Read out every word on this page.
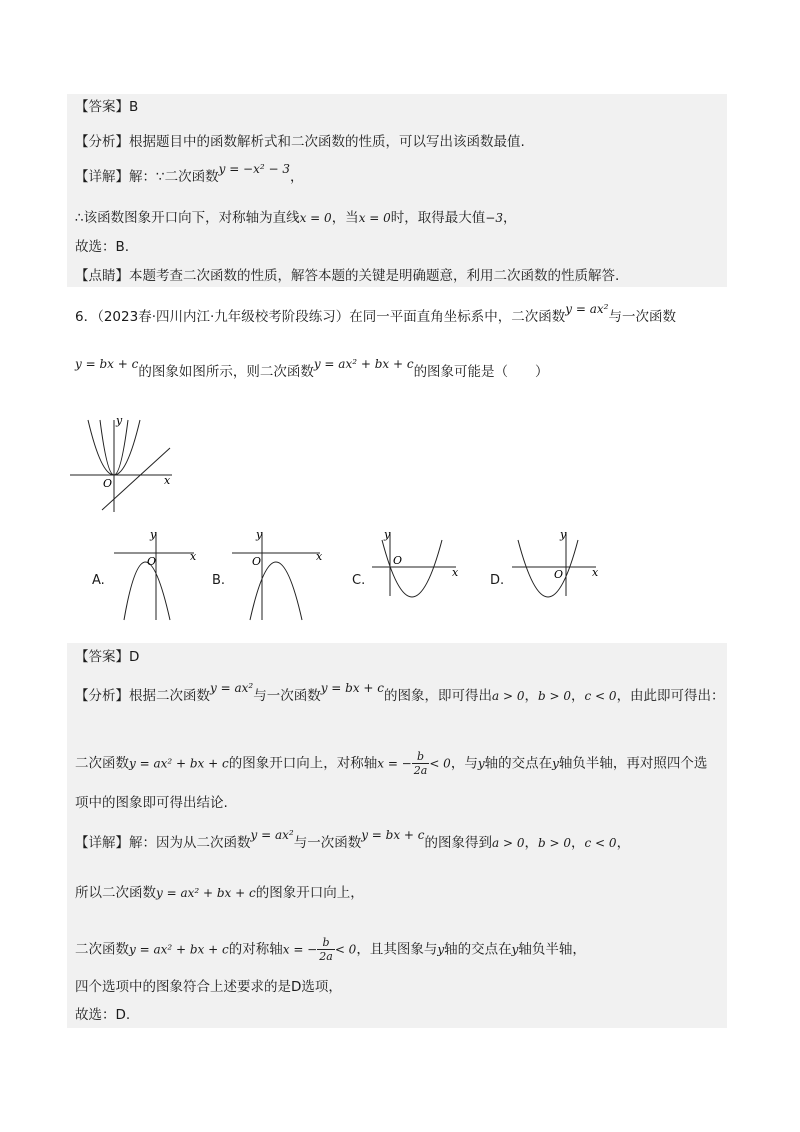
【答案】B
【分析】根据题目中的函数解析式和二次函数的性质，可以写出该函数最值.
【详解】解：∵二次函数y = −x² − 3，
∴该函数图象开口向下，对称轴为直线x = 0，当x = 0时，取得最大值−3，
故选：B.
【点睛】本题考查二次函数的性质，解答本题的关键是明确题意，利用二次函数的性质解答.
6．（2023春·四川内江·九年级校考阶段练习）在同一平面直角坐标系中，二次函数y = ax²与一次函数
y = bx + c的图象如图所示，则二次函数y = ax² + bx + c的图象可能是（　　）
y
x
O
A.
y
x
O
B.
y
x
O
C.
y
x
O
D.
y
x
O
【答案】D
【分析】根据二次函数y = ax²与一次函数y = bx + c的图象，即可得出a > 0，b > 0，c < 0，由此即可得出：
二次函数y = ax² + bx + c的图象开口向上，对称轴x = − $\frac{b}{2a} < 0$，与y轴的交点在y轴负半轴，再对照四个选
项中的图象即可得出结论.
【详解】解：因为从二次函数y = ax²与一次函数y = bx + c的图象得到a > 0，b > 0，c < 0，
所以二次函数y = ax² + bx + c的图象开口向上，
二次函数y = ax² + bx + c的对称轴x = − $\frac{b}{2a} < 0$，且其图象与y轴的交点在y轴负半轴，
四个选项中的图象符合上述要求的是D选项，
故选：D.
